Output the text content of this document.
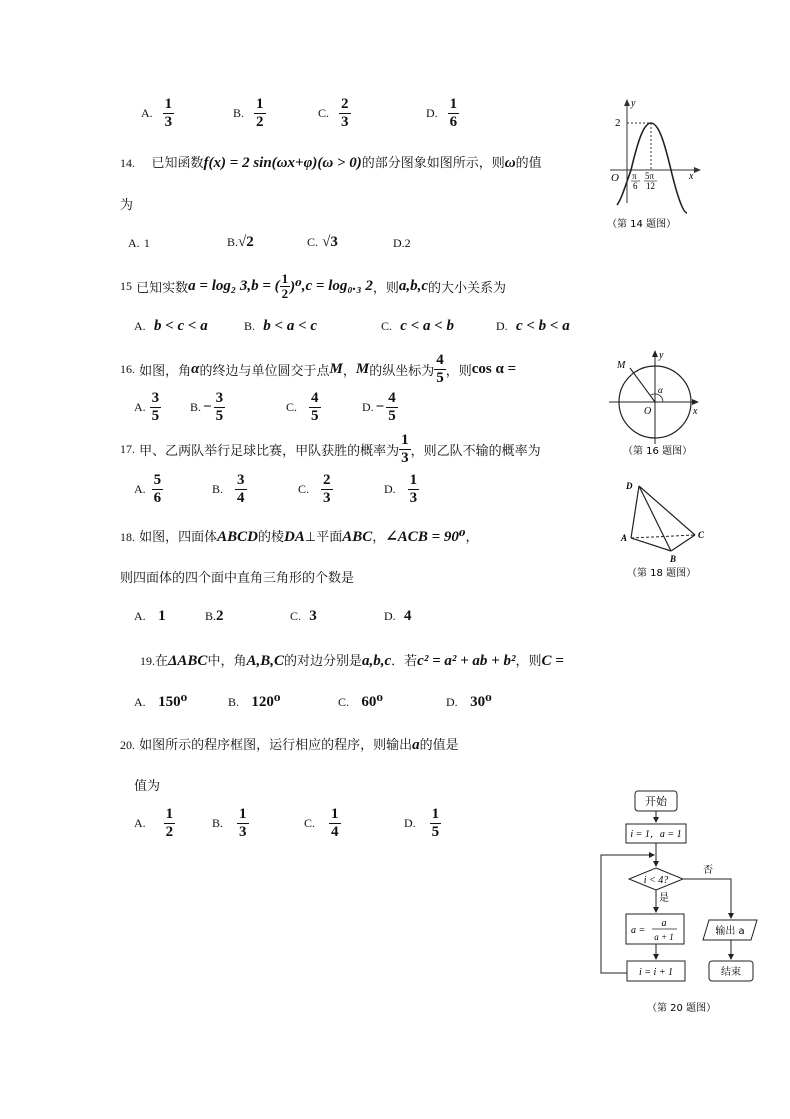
A. $\frac{1}{3}$	B. $\frac{1}{2}$	C. $\frac{2}{3}$	D. $\frac{1}{6}$
14. 已知函数f(x) = 2 sin(ωx+φ)(ω > 0)的部分图象如图所示，则ω的值
为
A. 1	B.√2	C. √3	D.2
y
x
O
2
π
6
5π
12
（第 14 题图）
15
已知实数 a = log₂ 3 , b = ( $\frac{1}{2} )^0$ , c = log₀.₃ 2 ，则 a,b,c 的大小关系为
A. b < c < a	B. b < a < c	C. c < a < b	D. c < b < a
16.
如图，角 α 的终边与单位圆交于点 M ， M 的纵坐标为 $\frac{4}{5}$ ，则 cos α =
A. $\frac{3}{5} B$. − $\frac{3}{5}$	C. $\frac{4}{5}$	D. − $\frac{4}{5}$
M
α
O	x
y
（第 16 题图）
17.
甲、乙两队举行足球比赛，甲队获胜的概率为 $\frac{1}{3}$ ，则乙队不输的概率为
A. $\frac{5}{6}$	B. $\frac{3}{4}$	C. $\frac{2}{3}$	D. $\frac{1}{3}$	D
A
B
C
（第 18 题图）
18. 如图，四面体ABCD的棱DA⊥平面ABC，∠ACB = 90⁰，
则四面体的四个面中直角三角形的个数是
A. 1	B.2	C. 3	D. 4
19.在ΔABC中，角A,B,C的对边分别是a,b,c．若c² = a² + ab + b²，则C =
A. 150⁰	B. 120⁰	C. 60⁰	D. 30⁰
20. 如图所示的程序框图，运行相应的程序，则输出a的值是
值为
A. $\frac{1}{2}$	B. $\frac{1}{3}$	C. $\frac{1}{4}$	D. $\frac{1}{5}$
开始
i = 1，a = 1
i < 4?
否
是
a =
a
a + 1
i = i + 1
输出 a
结束
（第 20 题图）
